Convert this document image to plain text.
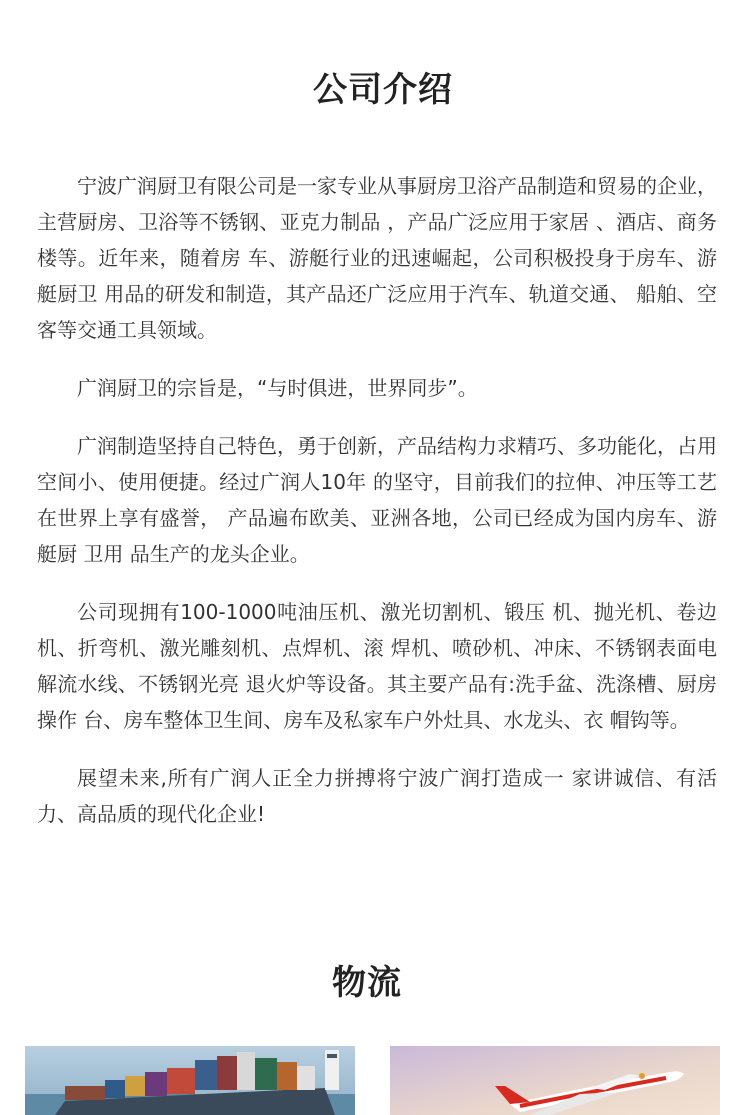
公司介绍

宁波广润厨卫有限公司是一家专业从事厨房卫浴产品制造和贸易的企业，主营厨房、卫浴等不锈钢、亚克力制品 ，产品广泛应用于家居 、酒店、商务楼等。近年来，随着房 车、游艇行业的迅速崛起，公司积极投身于房车、游艇厨卫 用品的研发和制造，其产品还广泛应用于汽车、轨道交通、 船舶、空客等交通工具领域。

广润厨卫的宗旨是，“与时俱进，世界同步”。

广润制造坚持自己特色，勇于创新，产品结构力求精巧、多功能化，占用空间小、使用便捷。经过广润人10年 的坚守，目前我们的拉伸、冲压等工艺在世界上享有盛誉， 产品遍布欧美、亚洲各地，公司已经成为国内房车、游艇厨 卫用 品生产的龙头企业。

公司现拥有100-1000吨油压机、激光切割机、锻压 机、抛光机、卷边机、折弯机、激光雕刻机、点焊机、滚 焊机、喷砂机、冲床、不锈钢表面电解流水线、不锈钢光亮 退火炉等设备。其主要产品有:洗手盆、洗涤槽、厨房操作 台、房车整体卫生间、房车及私家车户外灶具、水龙头、衣 帽钩等。

展望未来,所有广润人正全力拼搏将宁波广润打造成一 家讲诚信、有活力、高品质的现代化企业!

物流
